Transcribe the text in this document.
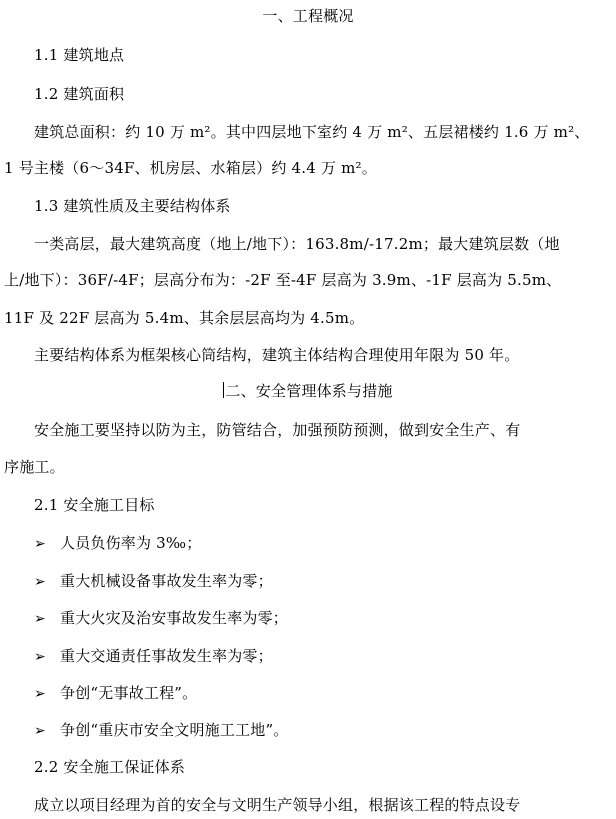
一、工程概况
1.1 建筑地点
1.2 建筑面积
建筑总面积：约 10 万 m²。其中四层地下室约 4 万 m²、五层裙楼约 1.6 万 m²、
1 号主楼（6～34F、机房层、水箱层）约 4.4 万 m²。
1.3 建筑性质及主要结构体系
一类高层，最大建筑高度（地上/地下）：163.8m/-17.2m；最大建筑层数（地
上/地下）：36F/-4F；层高分布为：-2F 至-4F 层高为 3.9m、-1F 层高为 5.5m、
11F 及 22F 层高为 5.4m、其余层层高均为 4.5m。
主要结构体系为框架核心筒结构，建筑主体结构合理使用年限为 50 年。
二、安全管理体系与措施
安全施工要坚持以防为主，防管结合，加强预防预测，做到安全生产、有
序施工。
2.1 安全施工目标
➢ 人员负伤率为 3‰；
➢ 重大机械设备事故发生率为零；
➢ 重大火灾及治安事故发生率为零；
➢ 重大交通责任事故发生率为零；
➢ 争创“无事故工程”。
➢ 争创“重庆市安全文明施工工地”。
2.2 安全施工保证体系
成立以项目经理为首的安全与文明生产领导小组，根据该工程的特点设专
